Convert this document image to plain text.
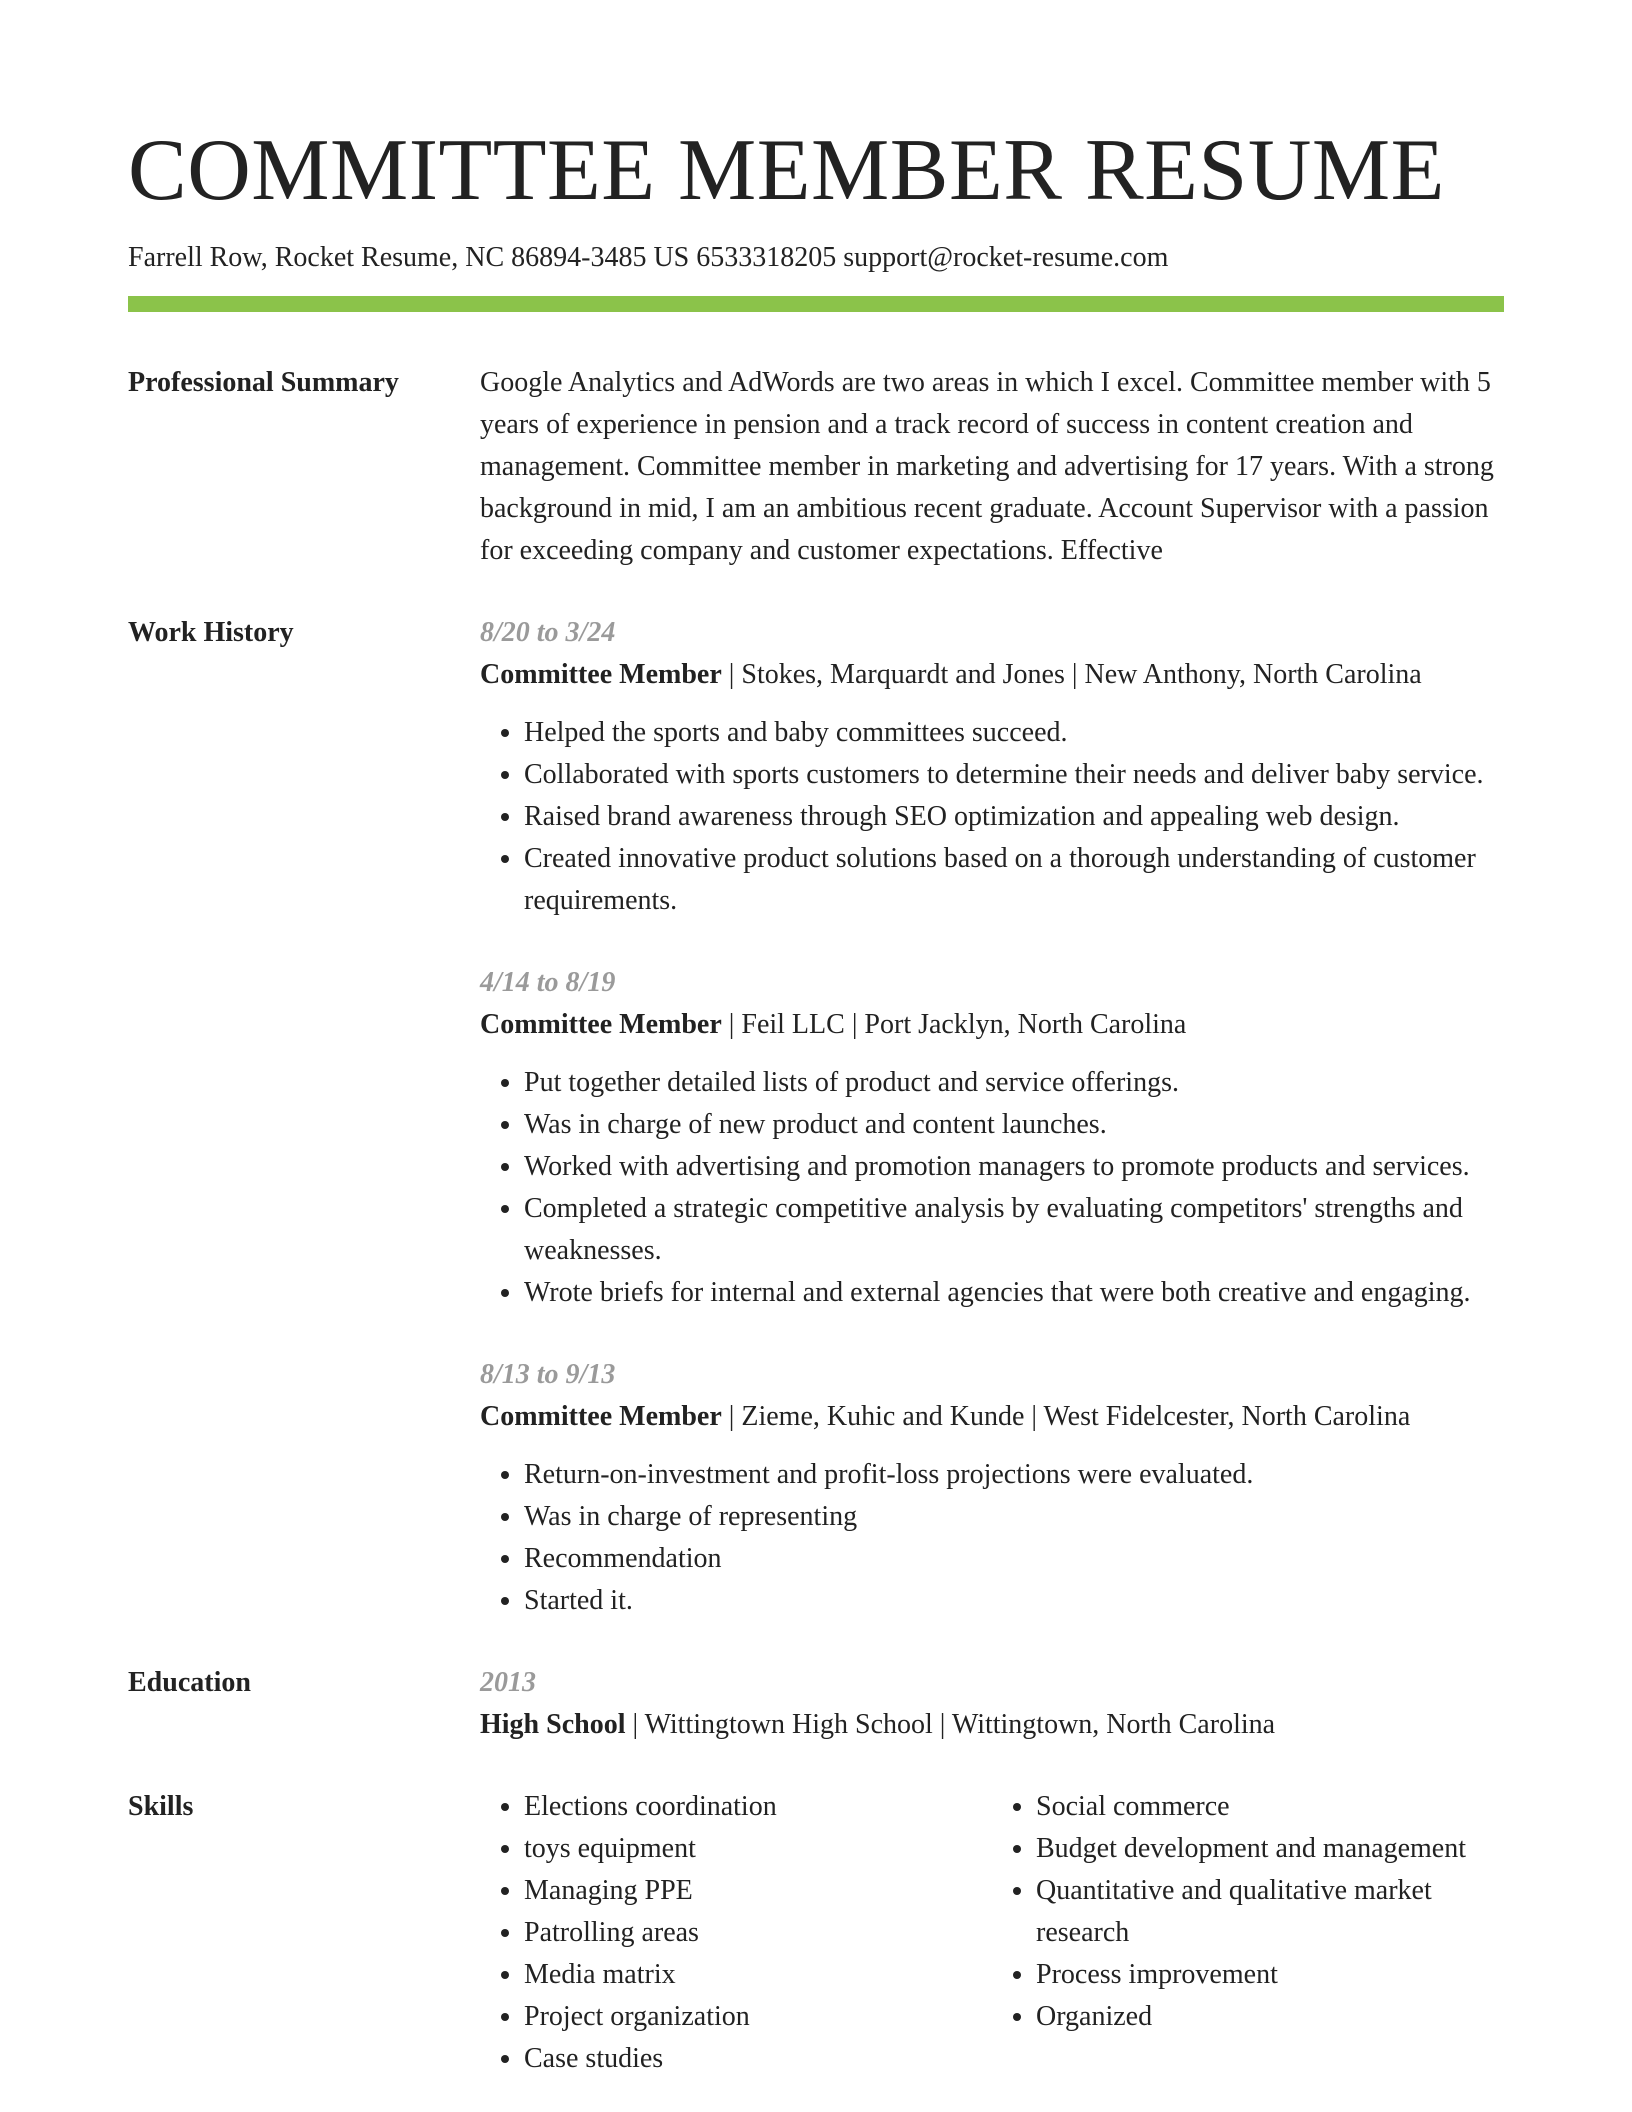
COMMITTEE MEMBER RESUME
Farrell Row, Rocket Resume, NC 86894-3485 US 6533318205 support@rocket-resume.com
Professional Summary	Google Analytics and AdWords are two areas in which I excel. Committee member with 5 years of experience in pension and a track record of success in content creation and management. Committee member in marketing and advertising for 17 years. With a strong background in mid, I am an ambitious recent graduate. Account Supervisor with a passion for exceeding company and customer expectations. Effective

Work History	8/20 to 3/24
Committee Member | Stokes, Marquardt and Jones | New Anthony, North Carolina
• Helped the sports and baby committees succeed.
• Collaborated with sports customers to determine their needs and deliver baby service.
• Raised brand awareness through SEO optimization and appealing web design.
• Created innovative product solutions based on a thorough understanding of customer requirements.
4/14 to 8/19
Committee Member | Feil LLC | Port Jacklyn, North Carolina
• Put together detailed lists of product and service offerings.
• Was in charge of new product and content launches.
• Worked with advertising and promotion managers to promote products and services.
• Completed a strategic competitive analysis by evaluating competitors' strengths and weaknesses.
• Wrote briefs for internal and external agencies that were both creative and engaging.
8/13 to 9/13
Committee Member | Zieme, Kuhic and Kunde | West Fidelcester, North Carolina
• Return-on-investment and profit-loss projections were evaluated.
• Was in charge of representing
• Recommendation
• Started it.
Education	2013
High School | Wittingtown High School | Wittingtown, North Carolina
Skills
•	Elections coordination
• toys equipment
• Managing PPE
• Patrolling areas
• Media matrix
• Project organization
• Case studies
• Social commerce
• Budget development and management
• Quantitative and qualitative market research
• Process improvement
• Organized
